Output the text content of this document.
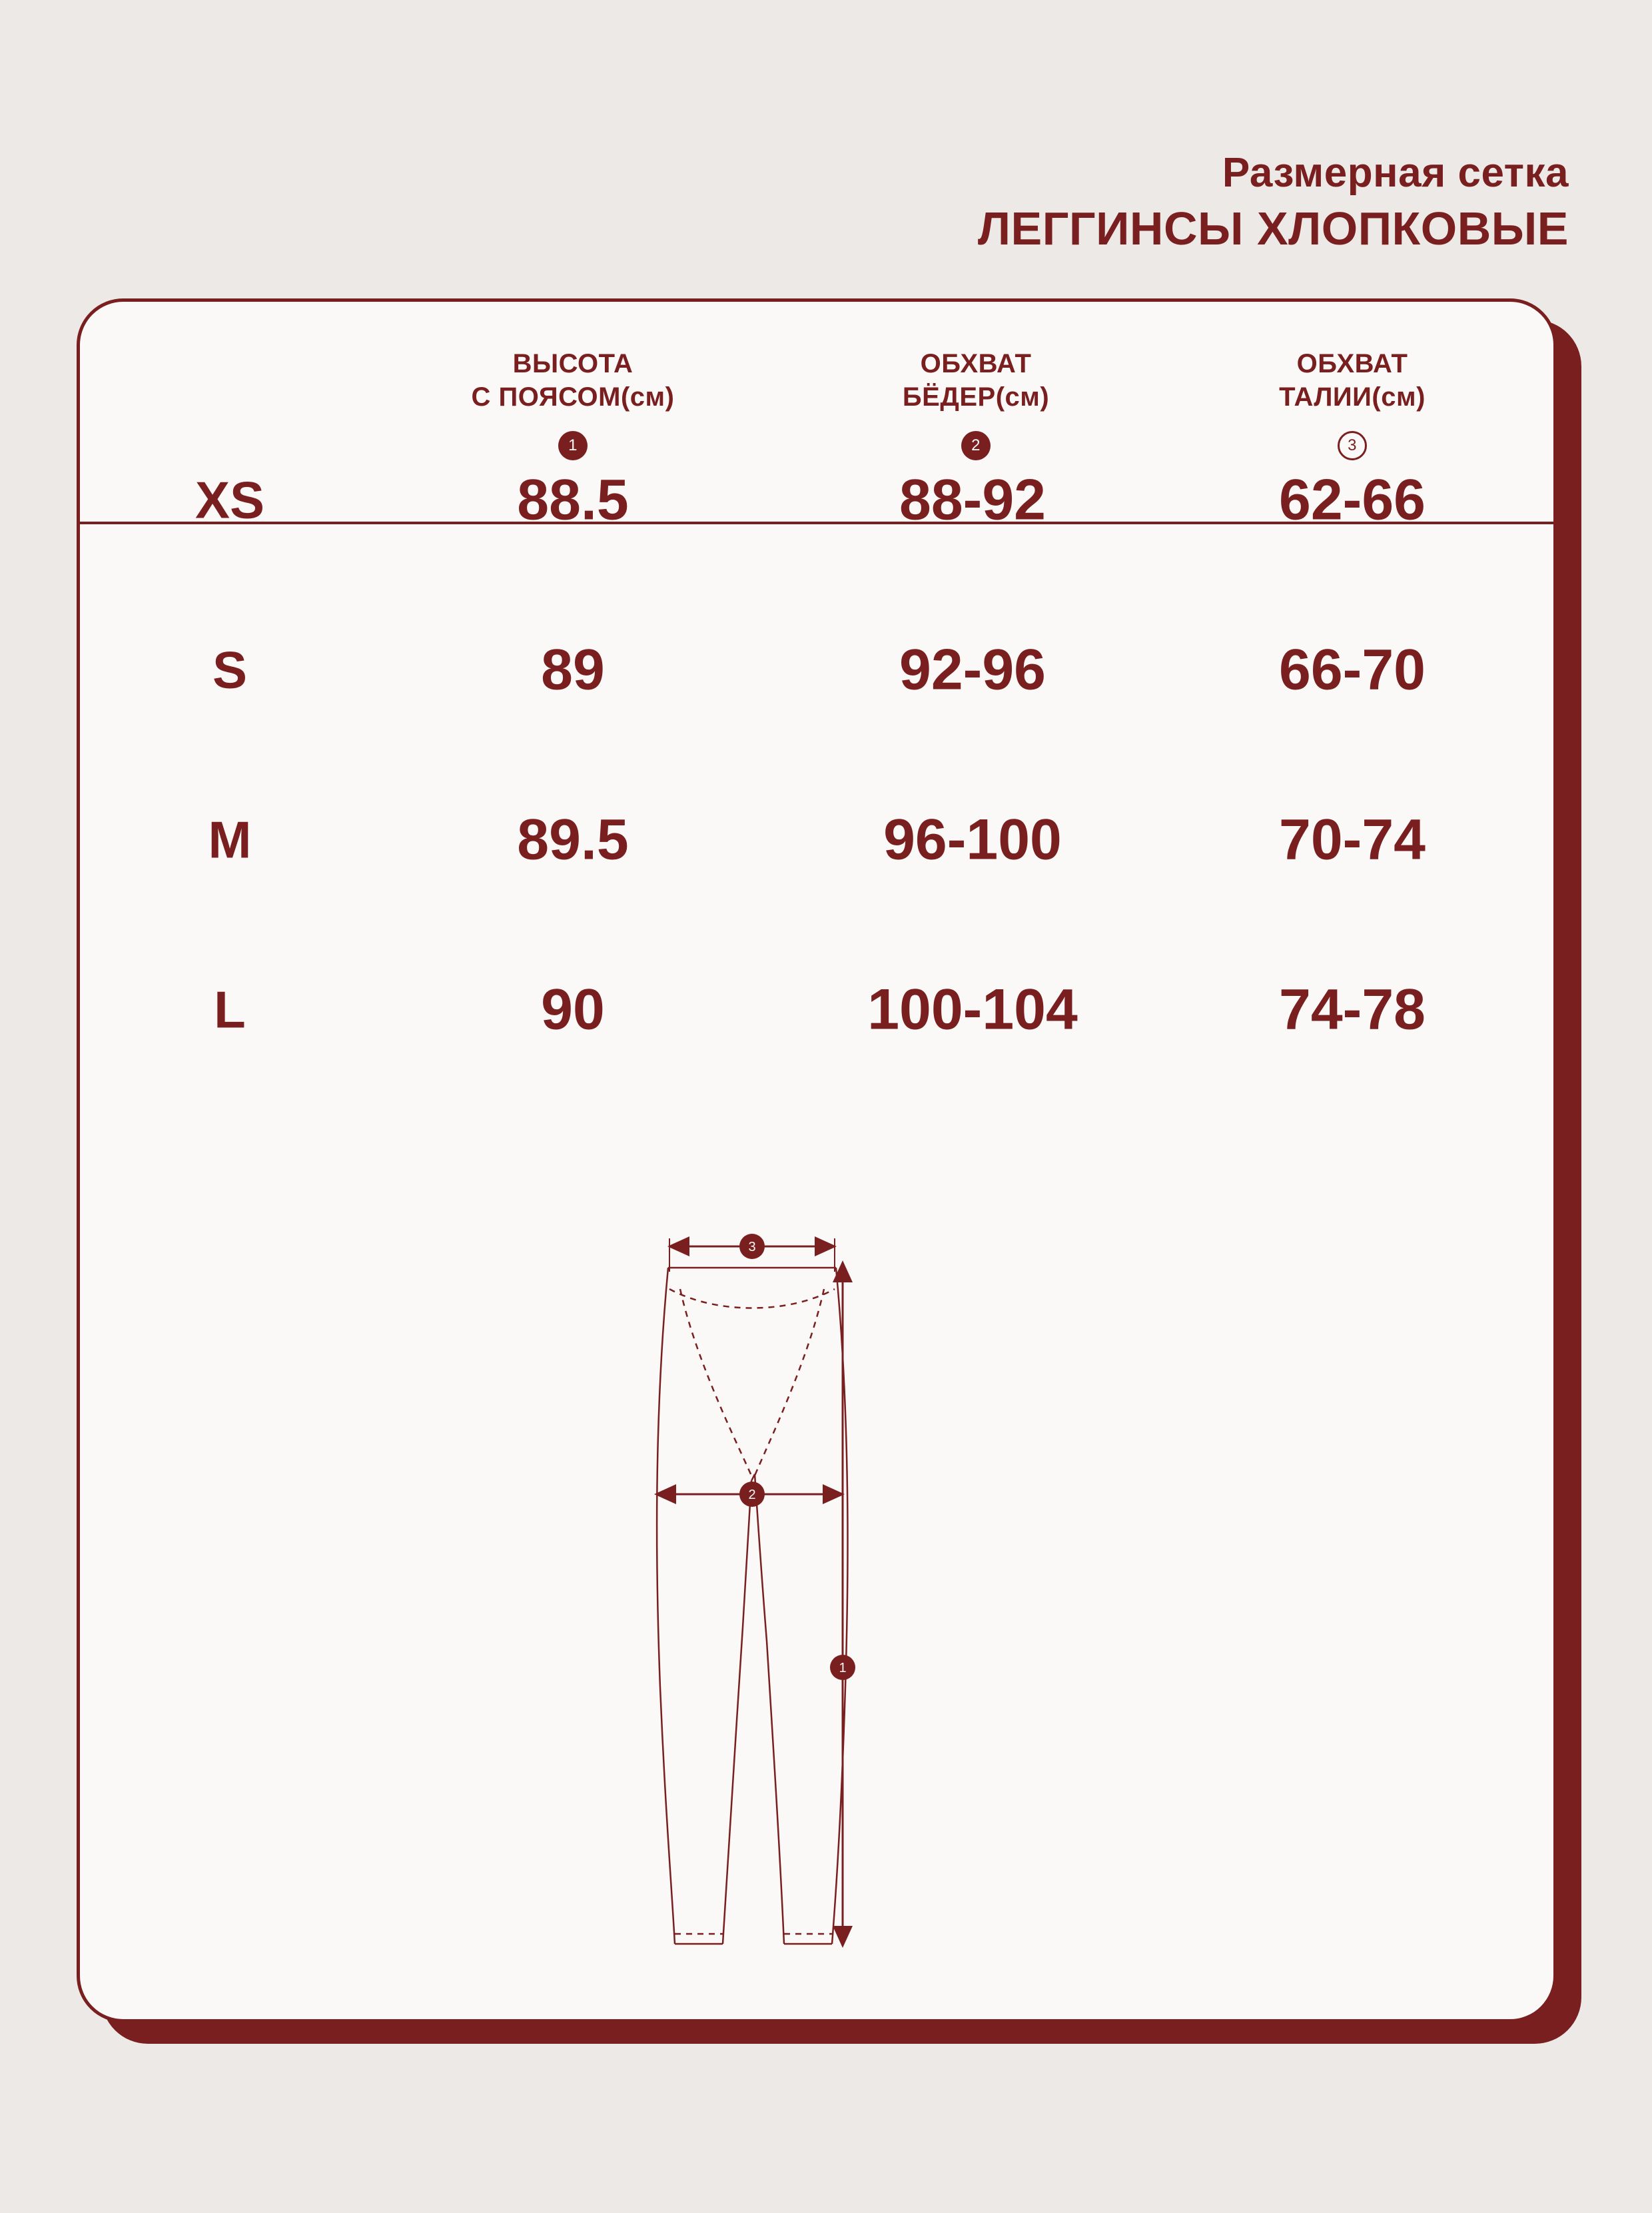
Размерная сетка
ЛЕГГИНСЫ ХЛОПКОВЫЕ
ВЫСОТА
С ПОЯСОМ(см)
1
ОБХВАТ
БЁДЕР(см)
2
ОБХВАТ
ТАЛИИ(см)
3
XS	88.5	88-92	62-66
S	89	92-96	66-70
M	89.5	96-100	70-74
L	90	100-104	74-78
3
2
1
